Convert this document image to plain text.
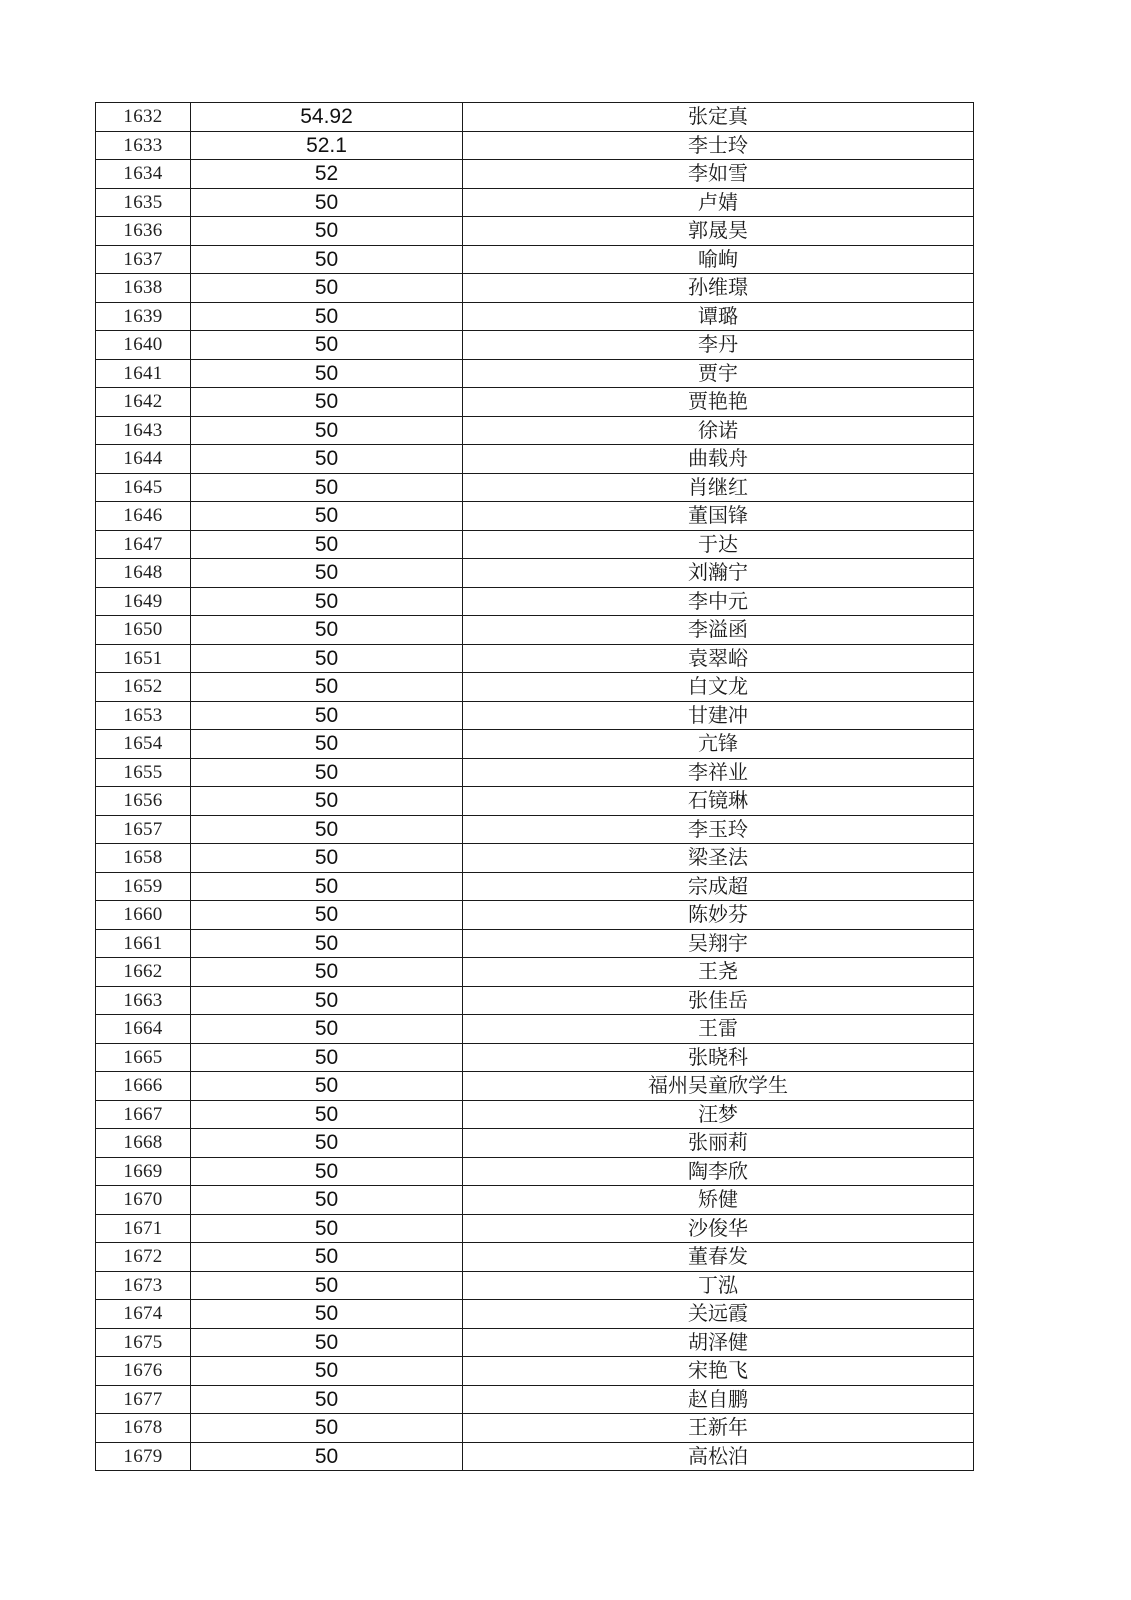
1632	54.92	张定真
1633	52.1	李士玲
1634	52	李如雪
1635	50	卢婧
1636	50	郭晟昊
1637	50	喻峋
1638	50	孙维璟
1639	50	谭璐
1640	50	李丹
1641	50	贾宇
1642	50	贾艳艳
1643	50	徐诺
1644	50	曲载舟
1645	50	肖继红
1646	50	董国锋
1647	50	于达
1648	50	刘瀚宁
1649	50	李中元
1650	50	李溢函
1651	50	袁翠峪
1652	50	白文龙
1653	50	甘建冲
1654	50	亢锋
1655	50	李祥业
1656	50	石镜琳
1657	50	李玉玲
1658	50	梁圣法
1659	50	宗成超
1660	50	陈妙芬
1661	50	吴翔宇
1662	50	王尧
1663	50	张佳岳
1664	50	王雷
1665	50	张晓科
1666	50	福州吴童欣学生
1667	50	汪梦
1668	50	张丽莉
1669	50	陶李欣
1670	50	矫健
1671	50	沙俊华
1672	50	董春发
1673	50	丁泓
1674	50	关远霞
1675	50	胡泽健
1676	50	宋艳飞
1677	50	赵自鹏
1678	50	王新年
1679	50	高松泊
